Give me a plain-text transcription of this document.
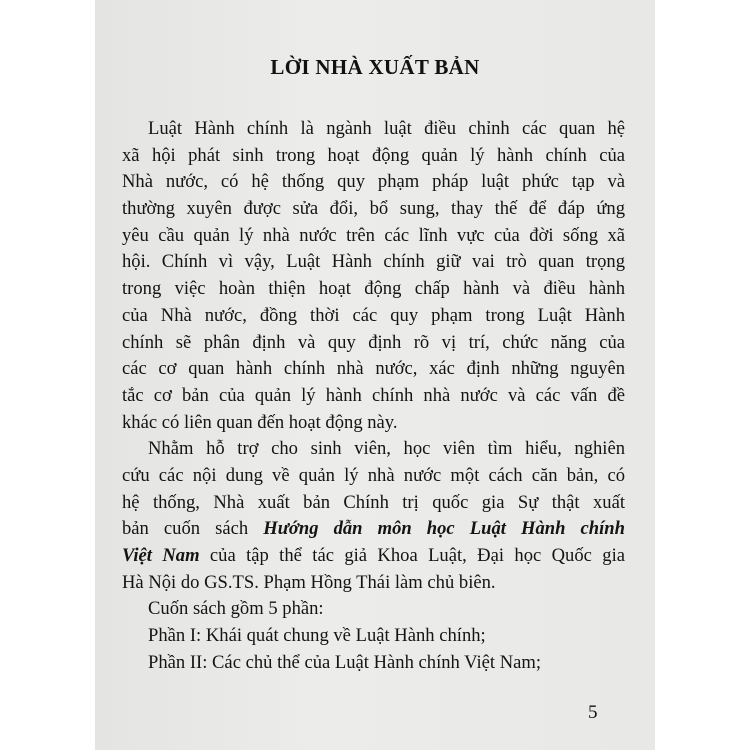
LỜI NHÀ XUẤT BẢN
Luật Hành chính là ngành luật điều chỉnh các quan hệ
xã hội phát sinh trong hoạt động quản lý hành chính của
Nhà nước, có hệ thống quy phạm pháp luật phức tạp và
thường xuyên được sửa đổi, bổ sung, thay thế để đáp ứng
yêu cầu quản lý nhà nước trên các lĩnh vực của đời sống xã
hội. Chính vì vậy, Luật Hành chính giữ vai trò quan trọng
trong việc hoàn thiện hoạt động chấp hành và điều hành
của Nhà nước, đồng thời các quy phạm trong Luật Hành
chính sẽ phân định và quy định rõ vị trí, chức năng của
các cơ quan hành chính nhà nước, xác định những nguyên
tắc cơ bản của quản lý hành chính nhà nước và các vấn đề
khác có liên quan đến hoạt động này.
Nhằm hỗ trợ cho sinh viên, học viên tìm hiểu, nghiên
cứu các nội dung về quản lý nhà nước một cách căn bản, có
hệ thống, Nhà xuất bản Chính trị quốc gia Sự thật xuất
bản cuốn sách Hướng dẫn môn học Luật Hành chính
Việt Nam của tập thể tác giả Khoa Luật, Đại học Quốc gia
Hà Nội do GS.TS. Phạm Hồng Thái làm chủ biên.
Cuốn sách gồm 5 phần:
Phần I: Khái quát chung về Luật Hành chính;
Phần II: Các chủ thể của Luật Hành chính Việt Nam;
5
